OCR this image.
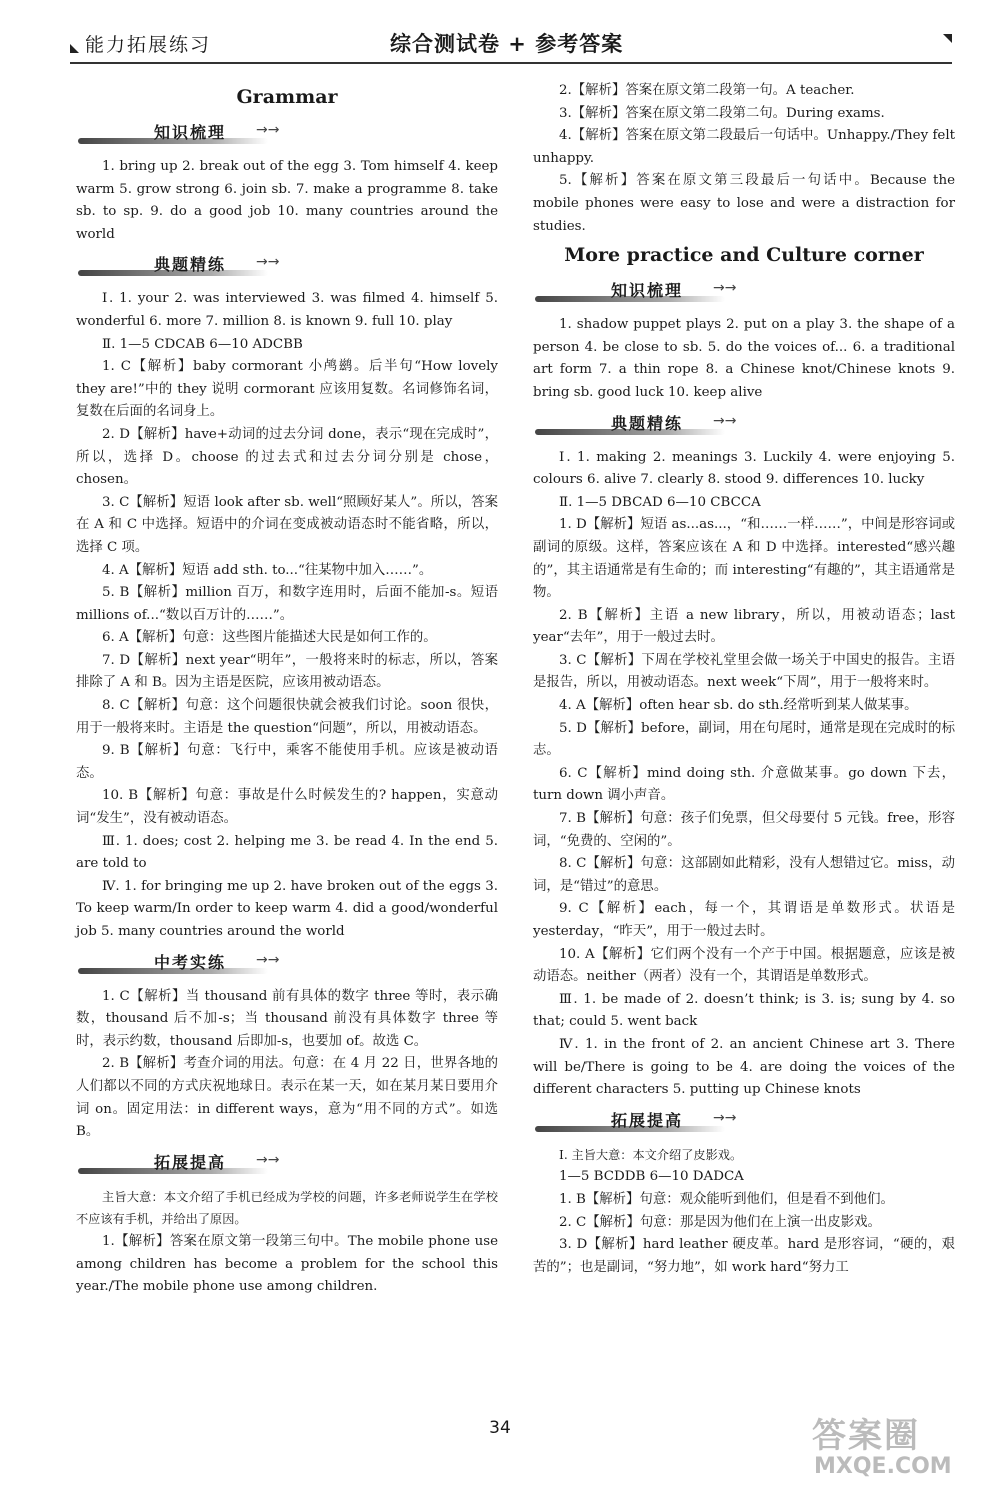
能力拓展练习	综合测试卷 + 参考答案
Grammar
知识梳理 →→

1. bring up 2. break out of the egg 3. Tom himself 4. keep warm 5. grow strong 6. join sb. 7. make a programme 8. take sb. to sp. 9. do a good job 10. many countries around the world

典题精练 →→

Ⅰ. 1. your 2. was interviewed 3. was filmed 4. himself 5. wonderful 6. more 7. million 8. is known 9. full 10. play

Ⅱ. 1—5 CDCAB 6—10 ADCBB

1. C【解析】baby cormorant 小鸬鹚。后半句“How lovely they are!”中的 they 说明 cormorant 应该用复数。名词修饰名词，复数在后面的名词身上。

2. D【解析】have+动词的过去分词 done，表示“现在完成时”，所以，选择 D。choose 的过去式和过去分词分别是 chose，chosen。

3. C【解析】短语 look after sb. well“照顾好某人”。所以，答案在 A 和 C 中选择。短语中的介词在变成被动语态时不能省略，所以，选择 C 项。

4. A【解析】短语 add sth. to...“往某物中加入……”。

5. B【解析】million 百万，和数字连用时，后面不能加-s。短语 millions of...“数以百万计的……”。

6. A【解析】句意：这些图片能描述大民是如何工作的。

7. D【解析】next year“明年”，一般将来时的标志，所以，答案排除了 A 和 B。因为主语是医院，应该用被动语态。

8. C【解析】句意：这个问题很快就会被我们讨论。soon 很快，用于一般将来时。主语是 the question“问题”，所以，用被动语态。

9. B【解析】句意：飞行中，乘客不能使用手机。应该是被动语态。

10. B【解析】句意：事故是什么时候发生的? happen，实意动词“发生”，没有被动语态。

Ⅲ. 1. does; cost 2. helping me 3. be read 4. In the end 5. are told to

Ⅳ. 1. for bringing me up 2. have broken out of the eggs 3. To keep warm/In order to keep warm 4. did a good/wonderful job 5. many countries around the world

中考实练 →→

1. C【解析】当 thousand 前有具体的数字 three 等时，表示确数，thousand 后不加-s；当 thousand 前没有具体数字 three 等时，表示约数，thousand 后即加-s，也要加 of。故选 C。

2. B【解析】考查介词的用法。句意：在 4 月 22 日，世界各地的人们都以不同的方式庆祝地球日。表示在某一天，如在某月某日要用介词 on。固定用法：in different ways，意为“用不同的方式”。如选 B。

拓展提高 →→

主旨大意：本文介绍了手机已经成为学校的问题，许多老师说学生在学校不应该有手机，并给出了原因。

1.【解析】答案在原文第一段第三句中。The mobile phone use among children has become a problem for the school this year./The mobile phone use among children.

2.【解析】答案在原文第二段第一句。A teacher.

3.【解析】答案在原文第二段第二句。During exams.

4.【解析】答案在原文第二段最后一句话中。Unhappy./They felt unhappy.

5.【解析】答案在原文第三段最后一句话中。Because the mobile phones were easy to lose and were a distraction for studies.

More practice and Culture corner
知识梳理 →→

1. shadow puppet plays 2. put on a play 3. the shape of a person 4. be close to sb. 5. do the voices of... 6. a traditional art form 7. a thin rope 8. a Chinese knot/Chinese knots 9. bring sb. good luck 10. keep alive

典题精练 →→

Ⅰ. 1. making 2. meanings 3. Luckily 4. were enjoying 5. colours 6. alive 7. clearly 8. stood 9. differences 10. lucky

Ⅱ. 1—5 DBCAD 6—10 CBCCA

1. D【解析】短语 as...as...，“和……一样……”，中间是形容词或副词的原级。这样，答案应该在 A 和 D 中选择。interested“感兴趣的”，其主语通常是有生命的；而 interesting“有趣的”，其主语通常是物。

2. B【解析】主语 a new library，所以，用被动语态；last year“去年”，用于一般过去时。

3. C【解析】下周在学校礼堂里会做一场关于中国史的报告。主语是报告，所以，用被动语态。next week“下周”，用于一般将来时。

4. A【解析】often hear sb. do sth.经常听到某人做某事。

5. D【解析】before，副词，用在句尾时，通常是现在完成时的标志。

6. C【解析】mind doing sth. 介意做某事。go down 下去，turn down 调小声音。

7. B【解析】句意：孩子们免票，但父母要付 5 元钱。free，形容词，“免费的、空闲的”。

8. C【解析】句意：这部剧如此精彩，没有人想错过它。miss，动词，是“错过”的意思。

9. C【解析】each，每一个，其谓语是单数形式。状语是 yesterday，“昨天”，用于一般过去时。

10. A【解析】它们两个没有一个产于中国。根据题意，应该是被动语态。neither（两者）没有一个，其谓语是单数形式。

Ⅲ. 1. be made of 2. doesn’t think; is 3. is; sung by 4. so that; could 5. went back

Ⅳ. 1. in the front of 2. an ancient Chinese art 3. There will be/There is going to be 4. are doing the voices of the different characters 5. putting up Chinese knots

拓展提高 →→

Ⅰ. 主旨大意：本文介绍了皮影戏。

1—5 BCDDB 6—10 DADCA

1. B【解析】句意：观众能听到他们，但是看不到他们。

2. C【解析】句意：那是因为他们在上演一出皮影戏。

3. D【解析】hard leather 硬皮革。hard 是形容词，“硬的，艰苦的”；也是副词，“努力地”，如 work hard“努力工

34	答案圈
MXQE.COM
